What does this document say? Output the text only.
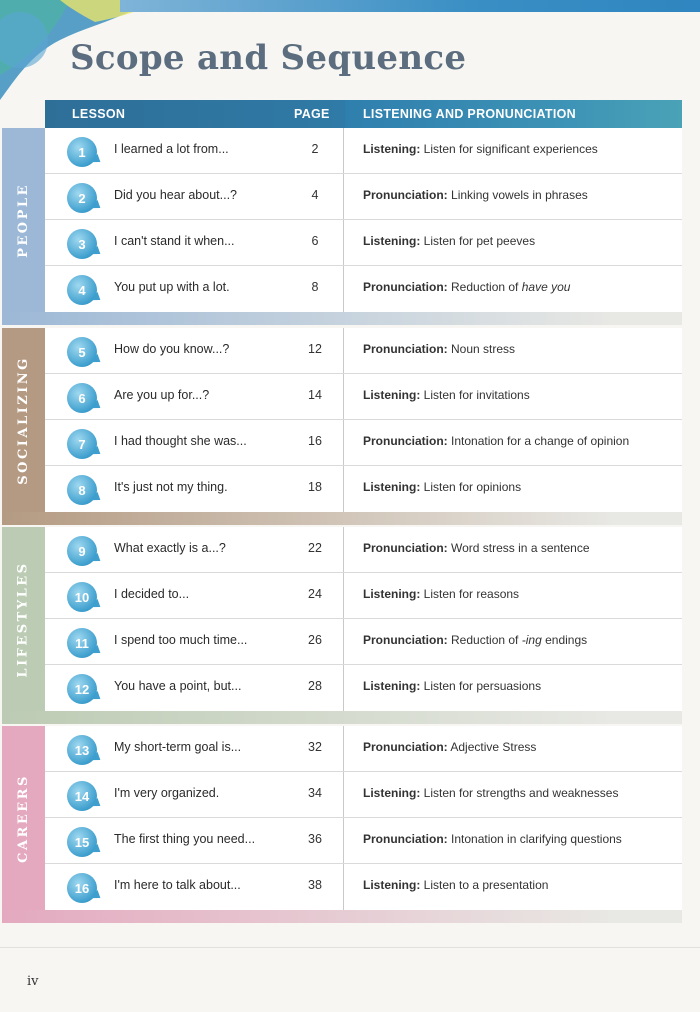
Scope and Sequence
LESSON	PAGE	LISTENING AND PRONUNCIATION
PEOPLE
1 I learned a lot from...	2	Listening: Listen for significant experiences
2 Did you hear about...?	4	Pronunciation: Linking vowels in phrases
3 I can't stand it when...	6	Listening: Listen for pet peeves
4 You put up with a lot.	8	Pronunciation: Reduction of have you
SOCIALIZING
5 How do you know...?	12	Pronunciation: Noun stress
6 Are you up for...?	14	Listening: Listen for invitations
7 I had thought she was...	16	Pronunciation: Intonation for a change of opinion
8 It's just not my thing.	18	Listening: Listen for opinions
LIFESTYLES
9 What exactly is a...?	22	Pronunciation: Word stress in a sentence
10 I decided to...	24	Listening: Listen for reasons
11 I spend too much time...	26	Pronunciation: Reduction of -ing endings
12 You have a point, but...	28	Listening: Listen for persuasions
CAREERS
13 My short-term goal is...	32	Pronunciation: Adjective Stress
14 I'm very organized.	34	Listening: Listen for strengths and weaknesses
15 The first thing you need...	36	Pronunciation: Intonation in clarifying questions
16 I'm here to talk about...	38	Listening: Listen to a presentation
iv
